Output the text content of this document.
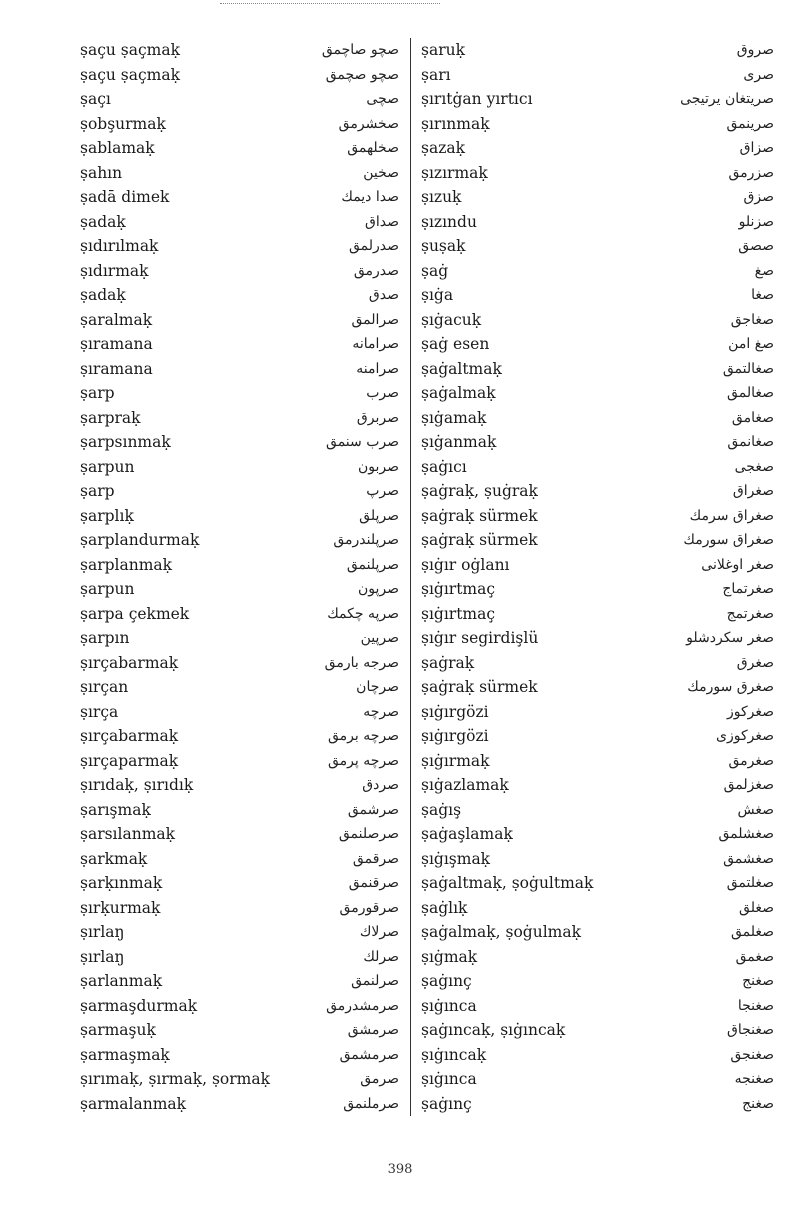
ṣaçu ṣaçmaḳ	صچو صاچمق
ṣaçu ṣaçmaḳ	صچو صچمق
ṣaçı	صچى
ṣobşurmaḳ	صخشرمق
ṣablamaḳ	صخلهمق
ṣahın	صخين
ṣadā dimek	صدا ديمك
ṣadaḳ	صداق
ṣıdırılmaḳ	صدرلمق
ṣıdırmaḳ	صدرمق
ṣadaḳ	صدق
ṣaralmaḳ	صرالمق
ṣıramana	صرامانه
ṣıramana	صرامنه
ṣarp	صرب
ṣarpraḳ	صربرق
ṣarpsınmaḳ	صرب سنمق
ṣarpun	صربون
ṣarp	صرپ
ṣarplıḳ	صرپلق
ṣarplandurmaḳ	صرپلندرمق
ṣarplanmaḳ	صرپلنمق
ṣarpun	صرپون
ṣarpa çekmek	صرپه چكمك
ṣarpın	صرپين
ṣırçabarmaḳ	صرجه بارمق
ṣırçan	صرچان
ṣırça	صرچه
ṣırçabarmaḳ	صرچه برمق
ṣırçaparmaḳ	صرچه پرمق
ṣırıdaḳ, ṣırıdıḳ	صردق
ṣarışmaḳ	صرشمق
ṣarsılanmaḳ	صرصلنمق
ṣarkmaḳ	صرقمق
ṣarḳınmaḳ	صرقنمق
ṣırḳurmaḳ	صرقورمق
ṣırlaŋ	صرلاك
ṣırlaŋ	صرلك
ṣarlanmaḳ	صرلنمق
ṣarmaşdurmaḳ	صرمشدرمق
ṣarmaşuḳ	صرمشق
ṣarmaşmaḳ	صرمشمق
ṣırımaḳ, ṣırmaḳ, ṣormaḳ	صرمق
ṣarmalanmaḳ	صرملنمق
ṣaruḳ	صروق
ṣarı	صرى
ṣırıtġan yırtıcı	صريتغان يرتيجى
ṣırınmaḳ	صرينمق
ṣazaḳ	صزاق
ṣızırmaḳ	صزرمق
ṣızuḳ	صزق
ṣızındu	صزنلو
ṣuṣaḳ	صصق
ṣaġ	صغ
ṣıġa	صغا
ṣıġacuḳ	صغاجق
ṣaġ esen	صغ امن
ṣaġaltmaḳ	صغالتمق
ṣaġalmaḳ	صغالمق
ṣıġamaḳ	صغامق
ṣıġanmaḳ	صغانمق
ṣaġıcı	صغجى
ṣaġraḳ, ṣuġraḳ	صغراق
ṣaġraḳ sürmek	صغراق سرمك
ṣaġraḳ sürmek	صغراق سورمك
ṣıġır oġlanı	صغر اوغلانى
ṣıġırtmaç	صغرتماج
ṣıġırtmaç	صغرتمج
ṣıġır segirdişlü	صغر سكردشلو
ṣaġraḳ	صغرق
ṣaġraḳ sürmek	صغرق سورمك
ṣıġırgözi	صغركوز
ṣıġırgözi	صغركوزى
ṣıġırmaḳ	صغرمق
ṣıġazlamaḳ	صغزلمق
ṣaġış	صغش
ṣaġaşlamaḳ	صغشلمق
ṣıġışmaḳ	صغشمق
ṣaġaltmaḳ, ṣoġultmaḳ	صغلتمق
ṣaġlıḳ	صغلق
ṣaġalmaḳ, ṣoġulmaḳ	صغلمق
ṣıġmaḳ	صغمق
ṣaġınç	صغنج
ṣıġınca	صغنجا
ṣaġıncaḳ, ṣıġıncaḳ	صغنجاق
ṣıġıncaḳ	صغنجق
ṣıġınca	صغنجه
ṣaġınç	صغنج
398
